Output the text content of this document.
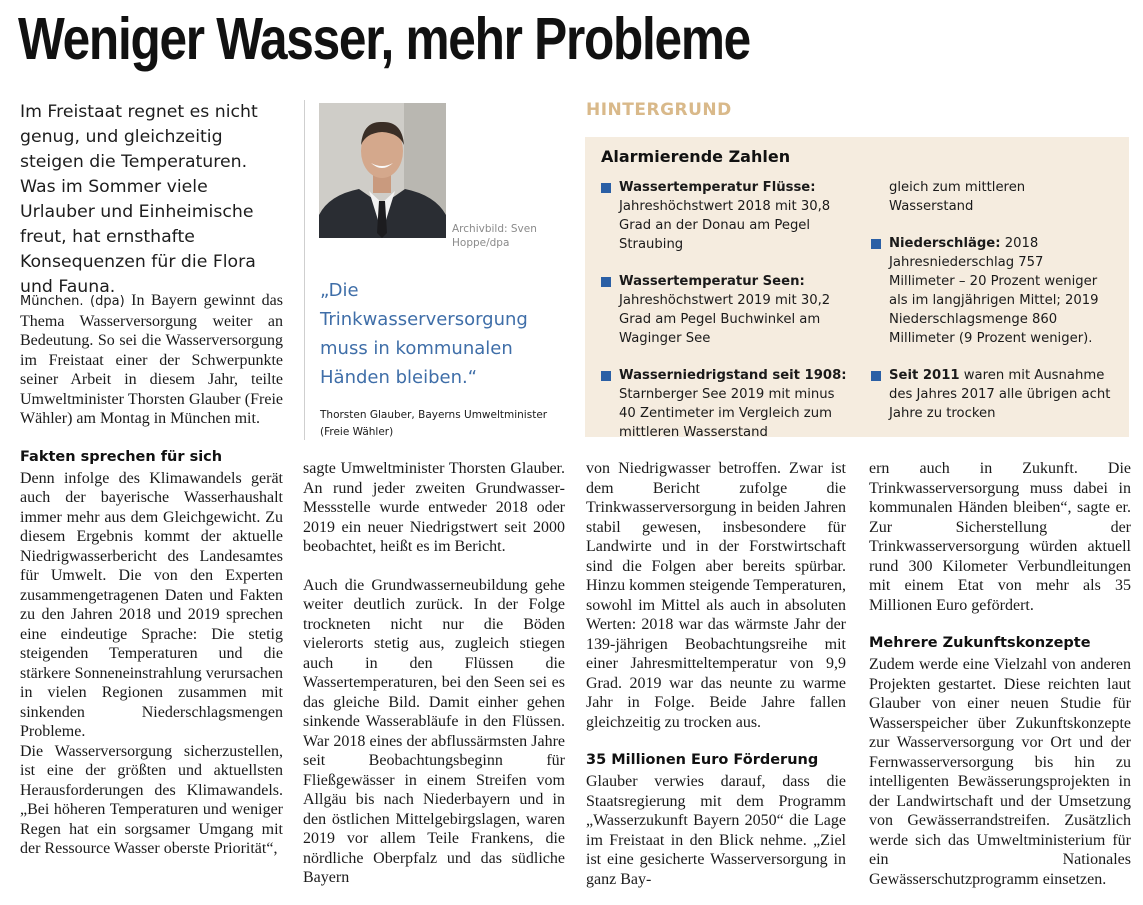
Weniger Wasser, mehr Probleme

Im Freistaat regnet es nicht genug, und gleichzeitig steigen die Temperaturen. Was im Sommer viele Urlauber und Einheimische freut, hat ernsthafte Konsequenzen für die Flora und Fauna.

München. (dpa) In Bayern gewinnt das Thema Wasserversorgung weiter an Bedeutung. So sei die Wasserversorgung im Freistaat einer der Schwerpunkte seiner Arbeit in diesem Jahr, teilte Umweltminister Thorsten Glauber (Freie Wähler) am Montag in München mit.

Fakten sprechen für sich

Denn infolge des Klimawandels gerät auch der bayerische Wasserhaushalt immer mehr aus dem Gleichgewicht. Zu diesem Ergebnis kommt der aktuelle Niedrigwasserbericht des Landesamtes für Umwelt. Die von den Experten zusammengetragenen Daten und Fakten zu den Jahren 2018 und 2019 sprechen eine eindeutige Sprache: Die stetig steigenden Temperaturen und die stärkere Sonneneinstrahlung verursachen in vielen Regionen zusammen mit sinkenden Niederschlagsmengen Probleme.

Die Wasserversorgung sicherzustellen, ist eine der größten und aktuellsten Herausforderungen des Klimawandels. „Bei höheren Temperaturen und weniger Regen hat ein sorgsamer Umgang mit der Ressource Wasser oberste Priorität“,

Archivbild: Sven Hoppe/dpa
„Die Trinkwasserversorgung muss in kommunalen Händen bleiben.“
Thorsten Glauber, Bayerns Umweltminister (Freie Wähler)

sagte Umweltminister Thorsten Glauber. An rund jeder zweiten Grundwasser-Messstelle wurde entweder 2018 oder 2019 ein neuer Niedrigstwert seit 2000 beobachtet, heißt es im Bericht.

Auch die Grundwasserneubildung gehe weiter deutlich zurück. In der Folge trockneten nicht nur die Böden vielerorts stetig aus, zugleich stiegen auch in den Flüssen die Wassertemperaturen, bei den Seen sei es das gleiche Bild. Damit einher gehen sinkende Wasserabläufe in den Flüssen. War 2018 eines der abflussärmsten Jahre seit Beobachtungsbeginn für Fließgewässer in einem Streifen vom Allgäu bis nach Niederbayern und in den östlichen Mittelgebirgslagen, waren 2019 vor allem Teile Frankens, die nördliche Oberpfalz und das südliche Bayern

HINTERGRUND
Alarmierende Zahlen
Wassertemperatur Flüsse:
Jahreshöchstwert 2018 mit 30,8 Grad an der Donau am Pegel Straubing
Wassertemperatur Seen:
Jahreshöchstwert 2019 mit 30,2 Grad am Pegel Buchwinkel am Waginger See
Wasserniedrigstand seit 1908:
Starnberger See 2019 mit minus 40 Zentimeter im Vergleich zum mittleren Wasserstand
gleich zum mittleren Wasserstand
Niederschläge: 2018 Jahresniederschlag 757 Millimeter – 20 Prozent weniger als im langjährigen Mittel; 2019 Niederschlagsmenge 860 Millimeter (9 Prozent weniger).
Seit 2011 waren mit Ausnahme des Jahres 2017 alle übrigen acht Jahre zu trocken

von Niedrigwasser betroffen. Zwar ist dem Bericht zufolge die Trinkwasserversorgung in beiden Jahren stabil gewesen, insbesondere für Landwirte und in der Forstwirtschaft sind die Folgen aber bereits spürbar. Hinzu kommen steigende Temperaturen, sowohl im Mittel als auch in absoluten Werten: 2018 war das wärmste Jahr der 139-jährigen Beobachtungsreihe mit einer Jahresmitteltemperatur von 9,9 Grad. 2019 war das neunte zu warme Jahr in Folge. Beide Jahre fallen gleichzeitig zu trocken aus.

35 Millionen Euro Förderung

Glauber verwies darauf, dass die Staatsregierung mit dem Programm „Wasserzukunft Bayern 2050“ die Lage im Freistaat in den Blick nehme. „Ziel ist eine gesicherte Wasserversorgung in ganz Bay-

ern auch in Zukunft. Die Trinkwasserversorgung muss dabei in kommunalen Händen bleiben“, sagte er. Zur Sicherstellung der Trinkwasserversorgung würden aktuell rund 300 Kilometer Verbundleitungen mit einem Etat von mehr als 35 Millionen Euro gefördert.

Mehrere Zukunftskonzepte

Zudem werde eine Vielzahl von anderen Projekten gestartet. Diese reichten laut Glauber von einer neuen Studie für Wasserspeicher über Zukunftskonzepte zur Wasserversorgung vor Ort und der Fernwasserversorgung bis hin zu intelligenten Bewässerungsprojekten in der Landwirtschaft und der Umsetzung von Gewässerrandstreifen. Zusätzlich werde sich das Umweltministerium für ein Nationales Gewässerschutzprogramm einsetzen.
